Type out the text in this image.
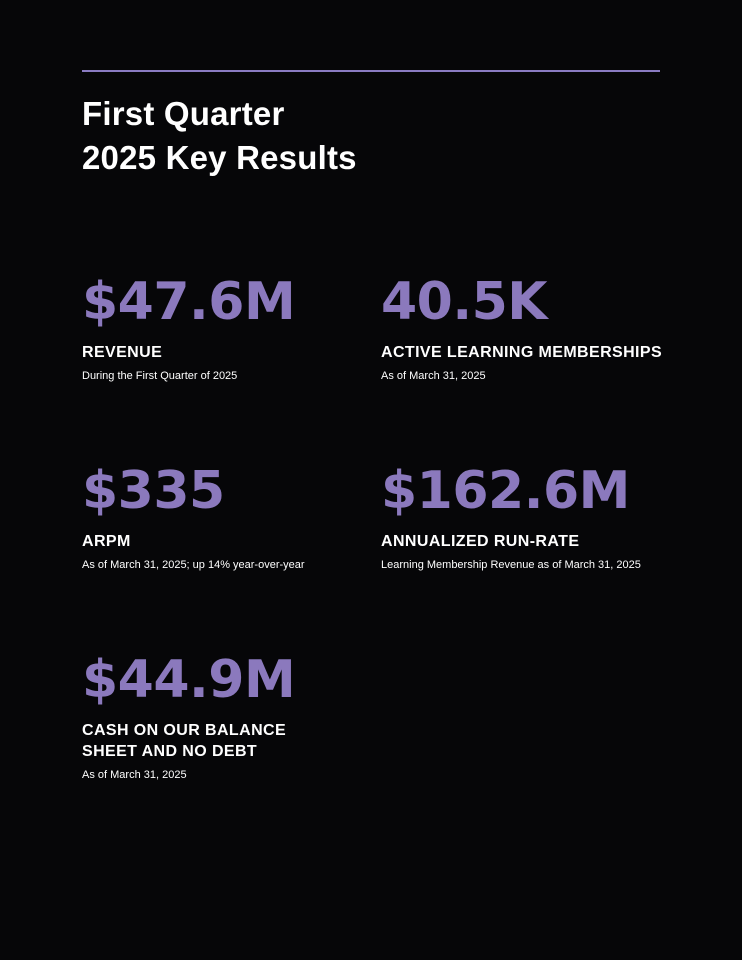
First Quarter
2025 Key Results
$47.6M
REVENUE
During the First Quarter of 2025
40.5K
ACTIVE LEARNING MEMBERSHIPS
As of March 31, 2025
$335
ARPM
As of March 31, 2025; up 14% year-over-year
$162.6M
ANNUALIZED RUN-RATE
Learning Membership Revenue as of March 31, 2025
$44.9M
CASH ON OUR BALANCE
SHEET AND NO DEBT
As of March 31, 2025
